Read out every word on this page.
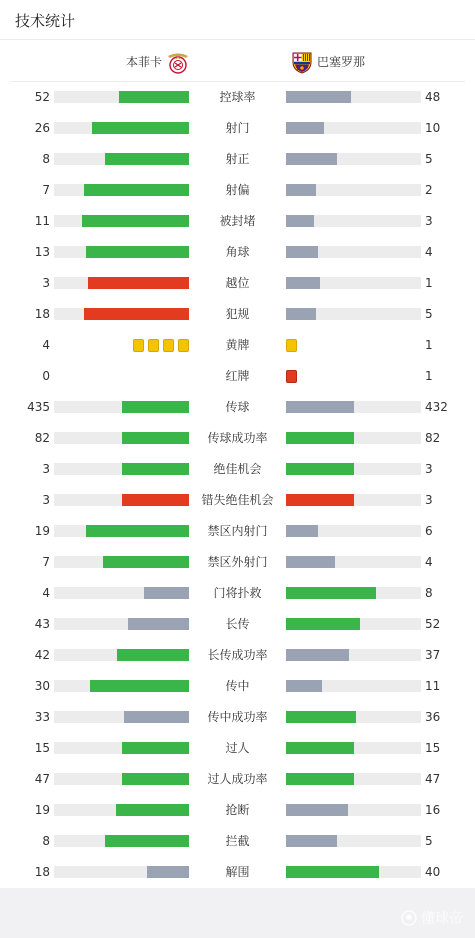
技术统计
本菲卡	巴塞罗那
52	控球率	48
26	射门	10
8	射正	5
7	射偏	2
11	被封堵	3
13	角球	4
3	越位	1
18	犯规	5
4	黄牌	1
0	红牌	1
435	传球	432
82	传球成功率	82
3	绝佳机会	3
3	错失绝佳机会	3
19	禁区内射门	6
7	禁区外射门	4
4	门将扑救	8
43	长传	52
42	长传成功率	37
30	传中	11
33	传中成功率	36
15	过人	15
47	过人成功率	47
19	抢断	16
8	拦截	5
18	解围	40
懂球帝
